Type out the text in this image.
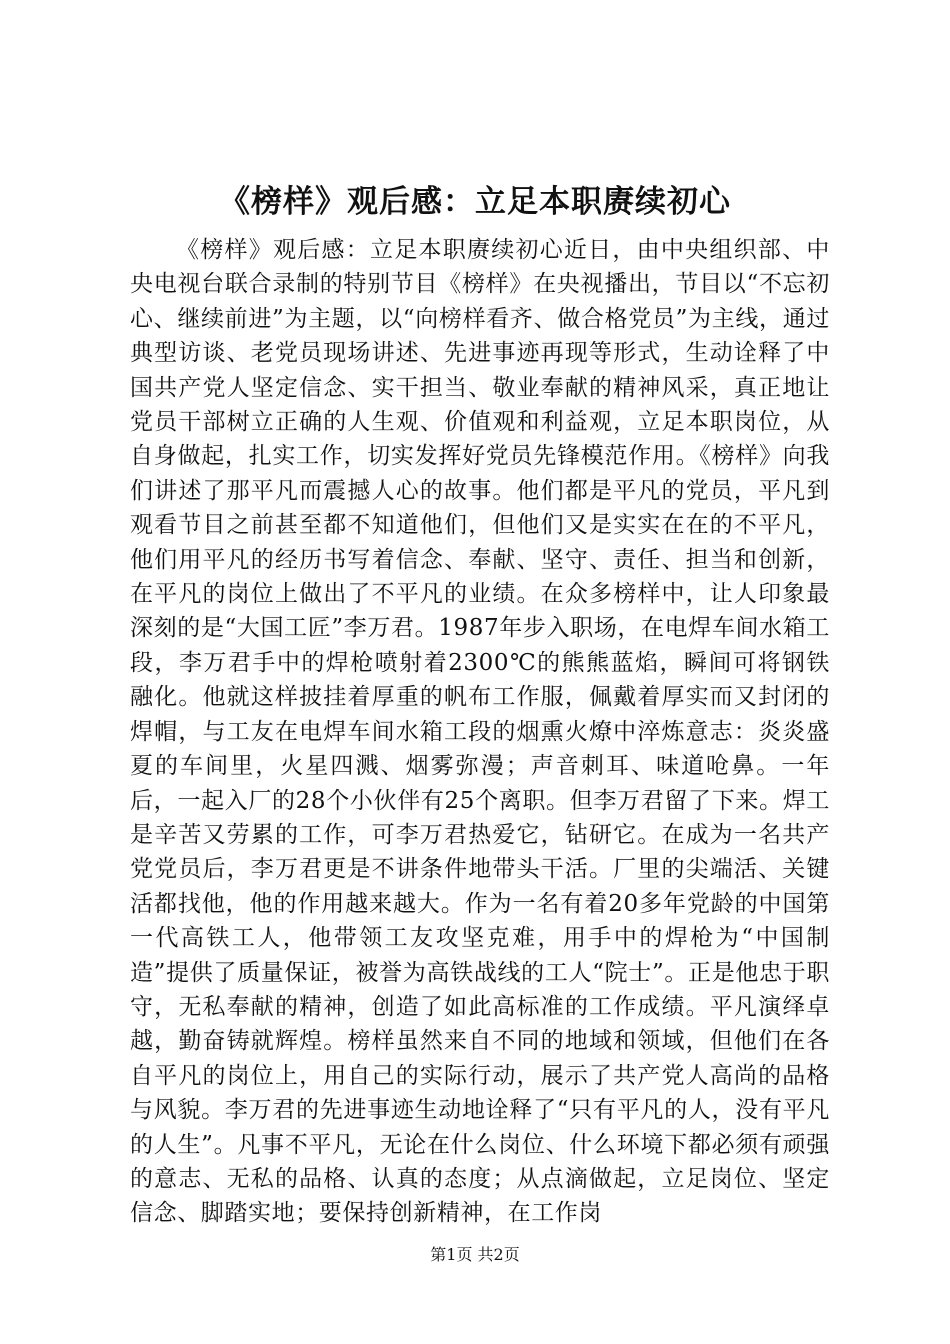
《榜样》观后感：立足本职赓续初心

《榜样》观后感：立足本职赓续初心近日，由中央组织部、中央电视台联合录制的特别节目《榜样》在央视播出，节目以“不忘初心、继续前进”为主题，以“向榜样看齐、做合格党员”为主线，通过典型访谈、老党员现场讲述、先进事迹再现等形式，生动诠释了中国共产党人坚定信念、实干担当、敬业奉献的精神风采，真正地让党员干部树立正确的人生观、价值观和利益观，立足本职岗位，从自身做起，扎实工作，切实发挥好党员先锋模范作用。《榜样》向我们讲述了那平凡而震撼人心的故事。他们都是平凡的党员，平凡到观看节目之前甚至都不知道他们，但他们又是实实在在的不平凡，他们用平凡的经历书写着信念、奉献、坚守、责任、担当和创新，在平凡的岗位上做出了不平凡的业绩。在众多榜样中，让人印象最深刻的是“大国工匠”李万君。1987年步入职场，在电焊车间水箱工段，李万君手中的焊枪喷射着2300℃的熊熊蓝焰，瞬间可将钢铁融化。他就这样披挂着厚重的帆布工作服，佩戴着厚实而又封闭的焊帽，与工友在电焊车间水箱工段的烟熏火燎中淬炼意志：炎炎盛夏的车间里，火星四溅、烟雾弥漫；声音刺耳、味道呛鼻。一年后，一起入厂的28个小伙伴有25个离职。但李万君留了下来。焊工是辛苦又劳累的工作，可李万君热爱它，钻研它。在成为一名共产党党员后，李万君更是不讲条件地带头干活。厂里的尖端活、关键活都找他，他的作用越来越大。作为一名有着20多年党龄的中国第一代高铁工人，他带领工友攻坚克难，用手中的焊枪为“中国制造”提供了质量保证，被誉为高铁战线的工人“院士”。正是他忠于职守，无私奉献的精神，创造了如此高标准的工作成绩。平凡演绎卓越，勤奋铸就辉煌。榜样虽然来自不同的地域和领域，但他们在各自平凡的岗位上，用自己的实际行动，展示了共产党人高尚的品格与风貌。李万君的先进事迹生动地诠释了“只有平凡的人，没有平凡的人生”。凡事不平凡，无论在什么岗位、什么环境下都必须有顽强的意志、无私的品格、认真的态度；从点滴做起，立足岗位、坚定信念、脚踏实地；要保持创新精神，在工作岗

第1页 共2页
